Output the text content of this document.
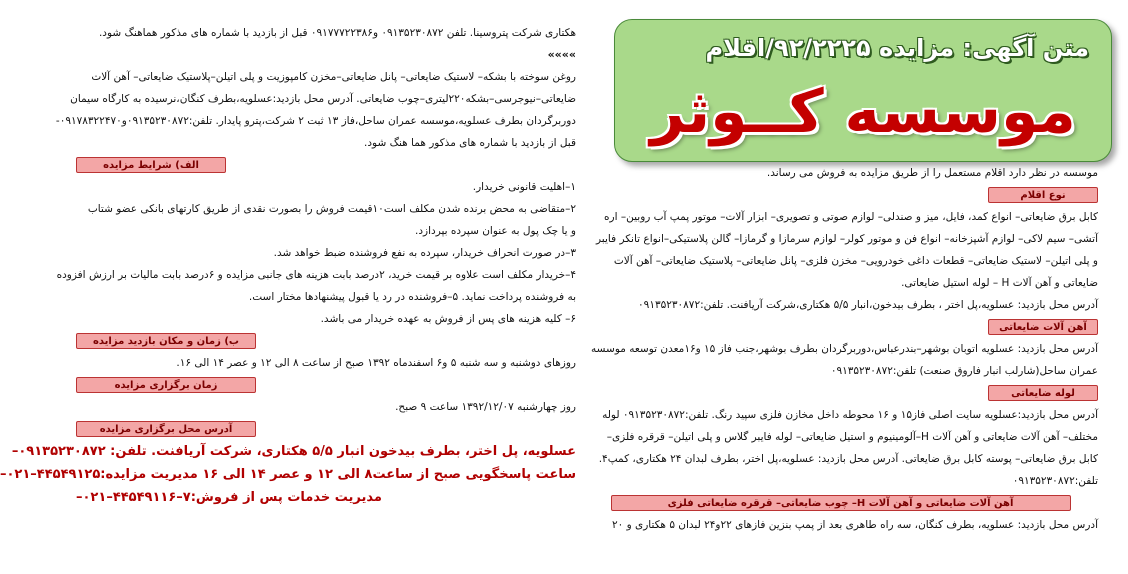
هکتاری شرکت پتروسینا. تلفن ۰۹۱۳۵۲۳۰۸۷۲ و۰۹۱۷۷۷۲۲۳۸۶ قبل از بازدید با شماره های مذکور هماهنگ شود.
»»»»
روغن سوخته با بشکه– لاستیک ضایعاتی– پانل ضایعاتی–مخزن کامپوزیت و پلی اتیلن–پلاستیک ضایعاتی– آهن آلات
ضایعاتی–نیوجرسی–بشکه۲۲۰لیتری–چوب ضایعاتی. آدرس محل بازدید:عسلویه،بطرف کنگان،نرسیده به کارگاه سیمان
دوربرگردان بطرف عسلویه،موسسه عمران ساحل،فاز ۱۳ ثبت ۲ شرکت،پترو پایدار. تلفن:۰۹۱۳۵۲۳۰۸۷۲و۰۹۱۷۸۳۲۲۴۷۰-
قبل از بازدید با شماره های مذکور هما هنگ شود.
الف) شرایط مزایده
۱–اهلیت قانونی خریدار.
۲–متقاضی به محض برنده شدن مکلف است۱۰قیمت فروش را بصورت نقدی از طریق کارتهای بانکی عضو شتاب
و یا چک پول به عنوان سپرده بپردازد.
۳–در صورت انحراف خریدار، سپرده به نفع فروشنده ضبط خواهد شد.
۴–خریدار مکلف است علاوه بر قیمت خرید، ۲درصد بابت هزینه های جانبی مزایده و ۶درصد بابت مالیات بر ارزش افزوده
به فروشنده پرداخت نماید. ۵–فروشنده در رد یا قبول پیشنهادها مختار است.
۶– کلیه هزینه های پس از فروش به عهده خریدار می باشد.
ب) زمان و مکان بازدید مزایده
روزهای دوشنبه و سه شنبه ۵ و۶ اسفندماه ۱۳۹۲ صبح از ساعت ۸ الی ۱۲ و عصر ۱۴ الی ۱۶.
زمان برگزاری مزایده
روز چهارشنبه ۱۳۹۲/۱۲/۰۷ ساعت ۹ صبح.
آدرس محل برگزاری مزایده
عسلویه، پل اختر، بطرف بیدخون انبار ۵/۵ هکتاری، شرکت آریافنت. تلفن: ۰۹۱۳۵۲۳۰۸۷۲–
ساعت پاسخگویی صبح از ساعت۸ الی ۱۲ و عصر ۱۴ الی ۱۶ مدیریت مزایده:۴۴۵۴۹۱۲۵–۰۲۱–
مدیریت خدمات پس از فروش:۷–۴۴۵۴۹۱۱۶–۰۲۱–
متن آگهی: مزایده ۹۲/۲۲۲۵/اقلام
موسسه کــوثر
موسسه در نظر دارد اقلام مستعمل را از طریق مزایده به فروش می رساند.
نوع اقلام
کابل برق ضایعاتی– انواع کمد، فایل، میز و صندلی– لوازم صوتی و تصویری– ابزار آلات– موتور پمپ آب روبین– اره
آتشی– سیم لاکی– لوازم آشپزخانه– انواع فن و موتور کولر– لوازم سرمازا و گرمازا– گالن پلاستیکی–انواع تانکر فایبر
و پلی اتیلن– لاستیک ضایعاتی– قطعات داغی خودرویی– مخزن فلزی– پانل ضایعاتی– پلاستیک ضایعاتی– آهن آلات
ضایعاتی و آهن آلات H – لوله استیل ضایعاتی.
آدرس محل بازدید: عسلویه،پل اختر ، بطرف بیدخون،انبار ۵/۵ هکتاری،شرکت آریافنت. تلفن:۰۹۱۳۵۲۳۰۸۷۲
آهن آلات ضایعاتی
آدرس محل بازدید: عسلویه اتوبان بوشهر–بندرعباس،دوربرگردان بطرف بوشهر،جنب فاز ۱۵ و۱۶معدن توسعه موسسه
عمران ساحل(شارلب انبار فاروق صنعت) تلفن:۰۹۱۳۵۲۳۰۸۷۲
لوله ضایعاتی
آدرس محل بازدید:عسلویه سایت اصلی فاز۱۵ و ۱۶ محوطه داخل مخازن فلزی سپید رنگ. تلفن:۰۹۱۳۵۲۳۰۸۷۲ لوله
مختلف– آهن آلات ضایعاتی و آهن آلات H–آلومینیوم و استیل ضایعاتی– لوله فایبر گلاس و پلی اتیلن– قرقره فلزی–
کابل برق ضایعاتی– پوسته کابل برق ضایعاتی. آدرس محل بازدید: عسلویه،پل اختر، بطرف لبدان ۲۴ هکتاری، کمپ۴.
تلفن:۰۹۱۳۵۲۳۰۸۷۲
آهن آلات ضایعاتی و آهن آلات H– چوب ضایعاتی– قرقره ضایعاتی فلزی
آدرس محل بازدید: عسلویه، بطرف کنگان، سه راه طاهری بعد از پمپ بنزین فازهای ۲۲و۲۴ لبدان ۵ هکتاری و ۲۰
